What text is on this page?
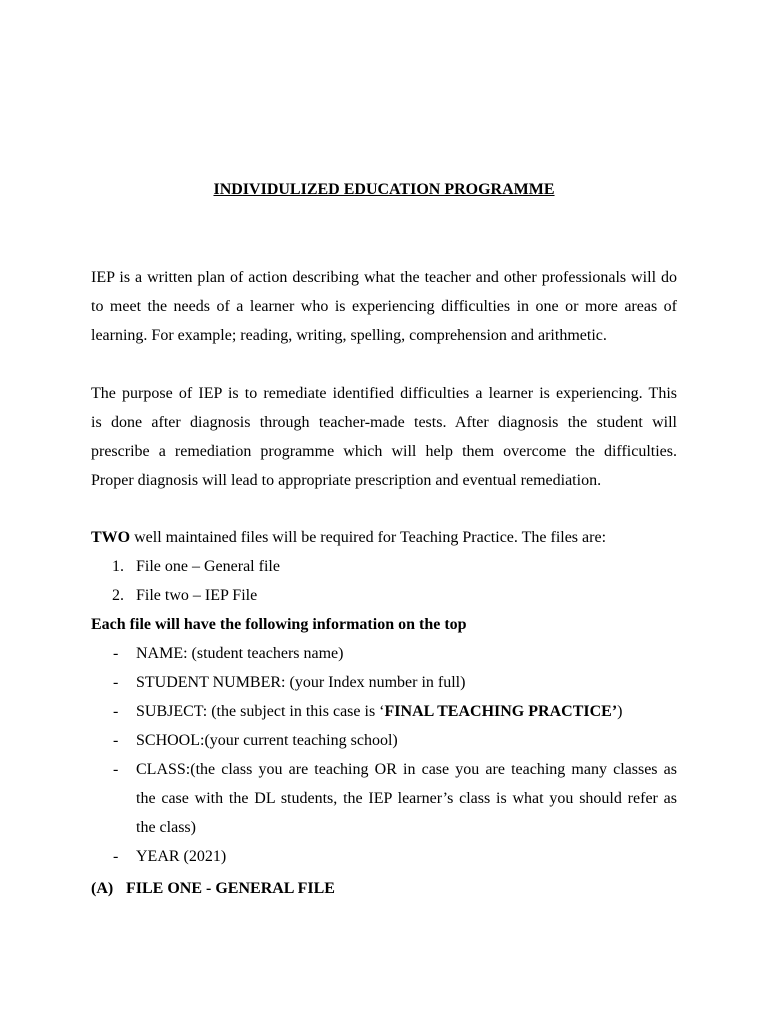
INDIVIDULIZED EDUCATION PROGRAMME
IEP is a written plan of action describing what the teacher and other professionals will do
to meet the needs of a learner who is experiencing difficulties in one or more areas of
learning. For example; reading, writing, spelling, comprehension and arithmetic.
The purpose of IEP is to remediate identified difficulties a learner is experiencing. This
is done after diagnosis through teacher-made tests. After diagnosis the student will
prescribe a remediation programme which will help them overcome the difficulties.
Proper diagnosis will lead to appropriate prescription and eventual remediation.

TWO well maintained files will be required for Teaching Practice. The files are:

1. File one – General file
2. File two – IEP File

Each file will have the following information on the top

- NAME: (student teachers name)
- STUDENT NUMBER: (your Index number in full)
- SUBJECT: (the subject in this case is ‘FINAL TEACHING PRACTICE’)
- SCHOOL:(your current teaching school)
- CLASS:(the class you are teaching OR in case you are teaching many classes as
the case with the DL students, the IEP learner’s class is what you should refer as
the class)
- YEAR (2021)

(A) FILE ONE - GENERAL FILE
